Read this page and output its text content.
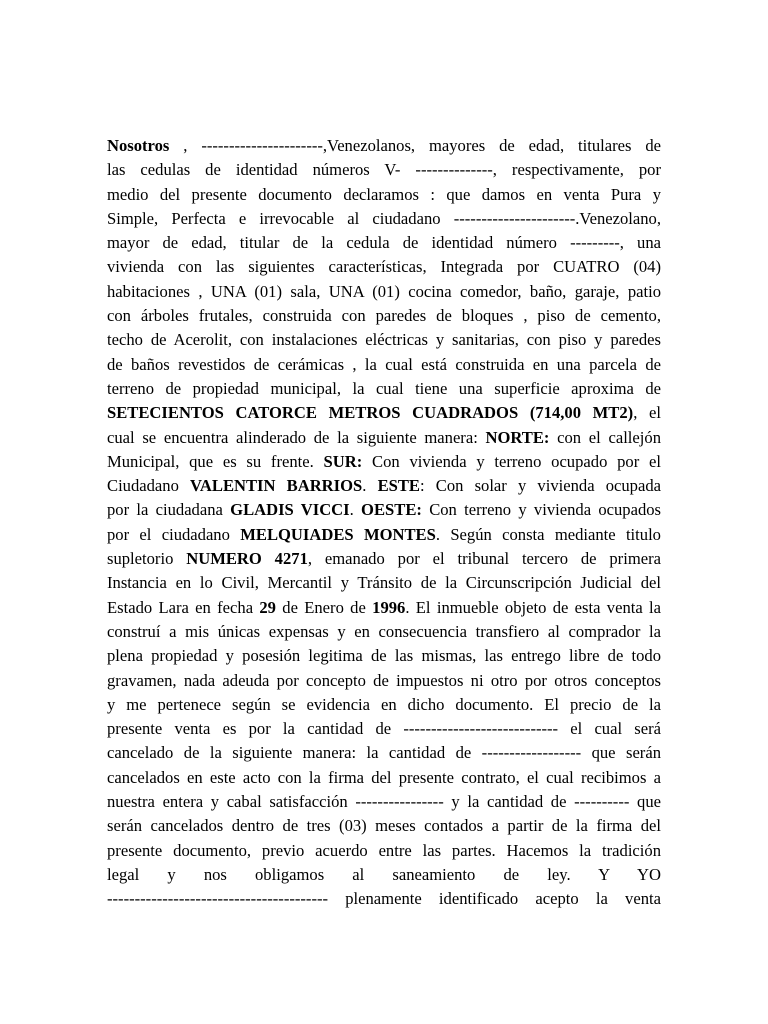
Nosotros , ----------------------,Venezolanos, mayores de edad, titulares de
las cedulas de identidad números V- --------------, respectivamente, por
medio del presente documento declaramos : que damos en venta Pura y
Simple, Perfecta e irrevocable al ciudadano ----------------------.Venezolano,
mayor de edad, titular de la cedula de identidad número ---------, una
vivienda con las siguientes características, Integrada por CUATRO (04)
habitaciones , UNA (01) sala, UNA (01) cocina comedor, baño, garaje, patio
con árboles frutales, construida con paredes de bloques , piso de cemento,
techo de Acerolit, con instalaciones eléctricas y sanitarias, con piso y paredes
de baños revestidos de cerámicas , la cual está construida en una parcela de
terreno de propiedad municipal, la cual tiene una superficie aproxima de
SETECIENTOS CATORCE METROS CUADRADOS (714,00 MT2), el
cual se encuentra alinderado de la siguiente manera: NORTE: con el callejón
Municipal, que es su frente. SUR: Con vivienda y terreno ocupado por el
Ciudadano VALENTIN BARRIOS. ESTE: Con solar y vivienda ocupada
por la ciudadana GLADIS VICCI. OESTE: Con terreno y vivienda ocupados
por el ciudadano MELQUIADES MONTES. Según consta mediante titulo
supletorio NUMERO 4271, emanado por el tribunal tercero de primera
Instancia en lo Civil, Mercantil y Tránsito de la Circunscripción Judicial del
Estado Lara en fecha 29 de Enero de 1996. El inmueble objeto de esta venta la
construí a mis únicas expensas y en consecuencia transfiero al comprador la
plena propiedad y posesión legitima de las mismas, las entrego libre de todo
gravamen, nada adeuda por concepto de impuestos ni otro por otros conceptos
y me pertenece según se evidencia en dicho documento. El precio de la
presente venta es por la cantidad de ---------------------------- el cual será
cancelado de la siguiente manera: la cantidad de ------------------ que serán
cancelados en este acto con la firma del presente contrato, el cual recibimos a
nuestra entera y cabal satisfacción ---------------- y la cantidad de ---------- que
serán cancelados dentro de tres (03) meses contados a partir de la firma del
presente documento, previo acuerdo entre las partes. Hacemos la tradición
legal y nos obligamos al saneamiento de ley. Y YO
---------------------------------------- plenamente identificado acepto la venta
